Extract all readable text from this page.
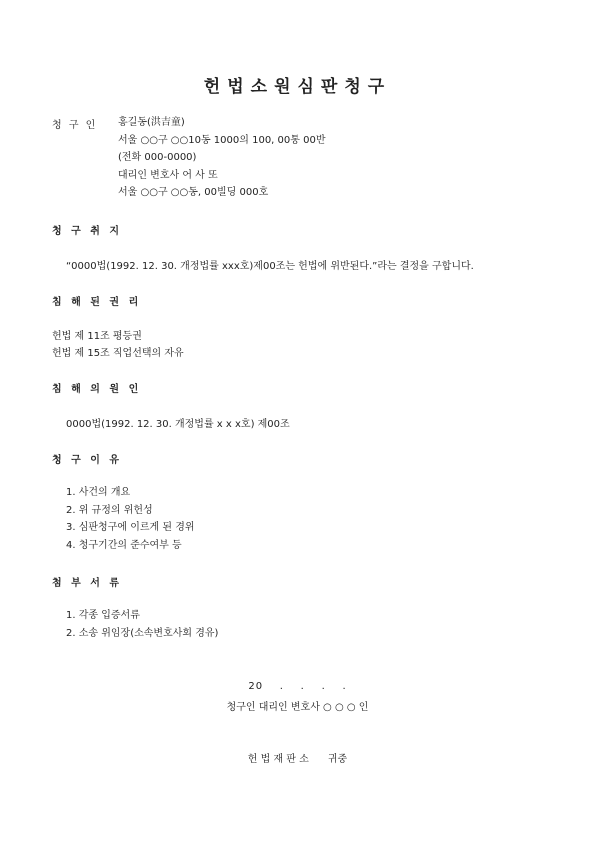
헌법소원심판청구
청 구 인 홍길동(洪吉童)
서울 ○○구 ○○10동 1000의 100, 00통 00반
(전화 000-0000)
대리인 변호사 어 사 또
서울 ○○구 ○○동, 00빌딩 000호
청 구 취 지
“0000법(1992. 12. 30. 개정법률 xxx호)제00조는 헌법에 위반된다.”라는 결정을 구합니다.
침 해 된 권 리
헌법 제 11조 평등권
헌법 제 15조 직업선택의 자유
침 해 의 원 인
0000법(1992. 12. 30. 개정법률 x x x호) 제00조
청 구 이 유
1. 사건의 개요
2. 위 규정의 위헌성
3. 심판청구에 이르게 된 경위
4. 청구기간의 준수여부 등
첨 부 서 류
1. 각종 입증서류
2. 소송 위임장(소속변호사회 경유)
20    .    .    .    .
청구인 대리인 변호사 ○ ○ ○ 인
헌 법 재 판 소      귀중
